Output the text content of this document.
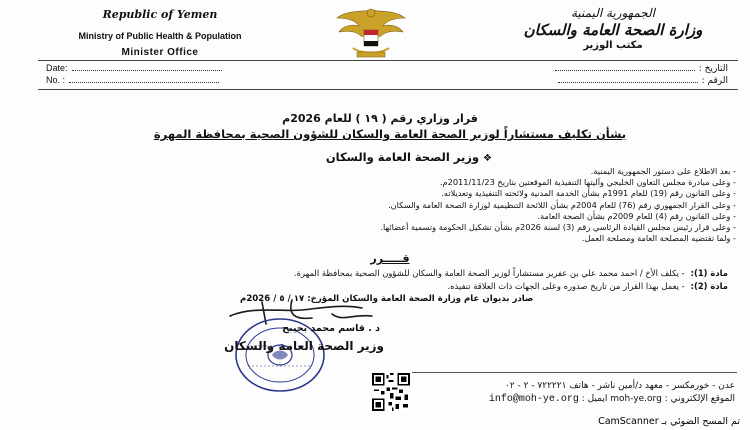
Republic of Yemen
Ministry of Public Health & Population
Minister Office
الجمهورية اليمنية
وزارة الصحة العامة والسكان
مكتب الوزير
Date:
No. :
التاريخ :
الرقم :
قرار وزاري رقم ( ١٩ ) للعام 2026م
بشأن تكليف مستشاراً لوزير الصحة العامة والسكان للشؤون الصحية بمحافظة المهرة
❖وزير الصحة العامة والسكان
- بعد الاطلاع على دستور الجمهورية اليمنية.
- وعلى مبادرة مجلس التعاون الخليجي وآليتها التنفيذية الموقعتين بتاريخ 2011/11/23م.
- وعلى القانون رقم (19) للعام 1991م بشأن الخدمة المدنية ولائحته التنفيذية وتعديلاته.
- وعلى القرار الجمهوري رقم (76) للعام 2004م بشأن اللائحة التنظيمية لوزارة الصحة العامة والسكان.
- وعلى القانون رقم (4) للعام 2009م بشأن الصحة العامة.
- وعلى قرار رئيس مجلس القيادة الرئاسي رقم (3) لسنة 2026م بشأن تشكيل الحكومة وتسمية أعضائها.
- ولما تقتضيه المصلحة العامة ومصلحة العمل.
قـــــرر
مادة (1):- يكلف الأخ / احمد محمد علي بن عفرير مستشاراً لوزير الصحة العامة والسكان للشؤون الصحية بمحافظة المهرة.
مادة (2):- يعمل بهذا القرار من تاريخ صدوره وعلى الجهات ذات العلاقة تنفيذه.
صادر بديوان عام وزارة الصحة العامة والسكان المؤرخ: ١٧ / ٥ / 2026م
د . قاسم محمد بحيبح
وزير الصحة العامة والسكان
عدن - خورمكسر - معهد د/أمين ناشر - هاتف ٧٢٢٢٢١ - ٢ - ٠٢
الموقع الإلكتروني : moh-ye.org ايميل : info@moh-ye.org
تم المسح الضوئي بـ CamScanner
